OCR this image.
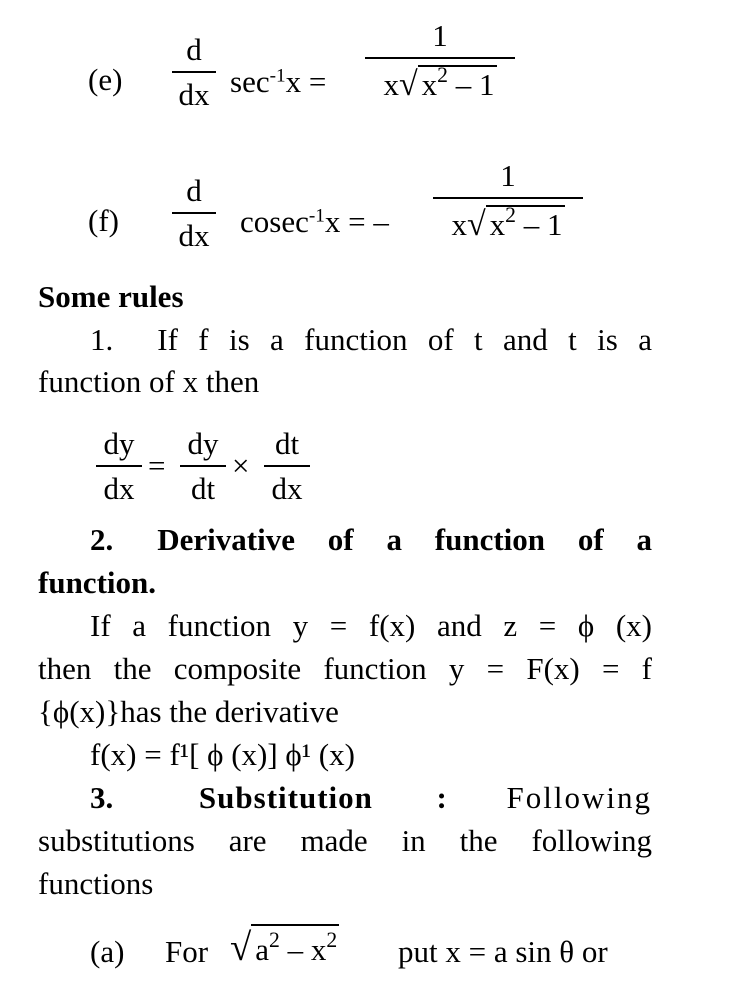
(e)
d
dx $\sec^{-1}x$ =
1
x√ $x^2 - 1$
(f)
d
dx cosec$^{-1}$x = –
1
x√ $x^2 - 1$
Some rules
1. If f is a function of t and t is a
function of x then
dy
dx
=
dy
dt
×
dt
dx
2. Derivative of a function of a
function.
If a function y = f(x) and z = ϕ (x)
then the composite function y = F(x) = f
{ϕ(x)}has the derivative
f(x) = f¹[ ϕ (x)] ϕ¹ (x)
3.	Substitution : Following
substitutions are made in the following
functions
(a) For √ $a^2 - x^2$ put x = a sin θ or
